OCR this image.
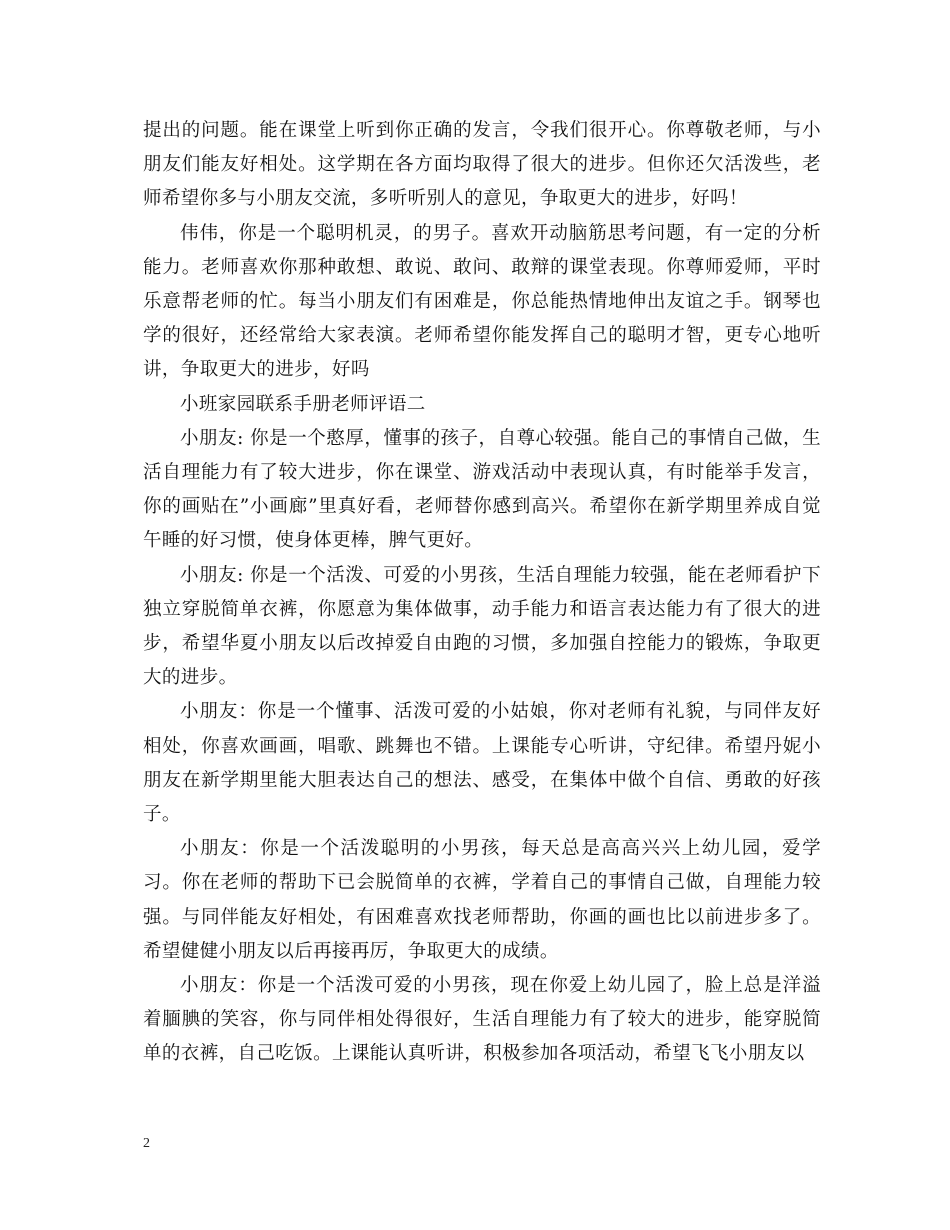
提出的问题。能在课堂上听到你正确的发言，令我们很开心。你尊敬老师，与小朋友们能友好相处。这学期在各方面均取得了很大的进步。但你还欠活泼些，老师希望你多与小朋友交流，多听听别人的意见，争取更大的进步，好吗！

伟伟，你是一个聪明机灵，的男子。喜欢开动脑筋思考问题，有一定的分析能力。老师喜欢你那种敢想、敢说、敢问、敢辩的课堂表现。你尊师爱师，平时乐意帮老师的忙。每当小朋友们有困难是，你总能热情地伸出友谊之手。钢琴也学的很好，还经常给大家表演。老师希望你能发挥自己的聪明才智，更专心地听讲，争取更大的进步，好吗

小班家园联系手册老师评语二

小朋友: 你是一个憨厚，懂事的孩子，自尊心较强。能自己的事情自己做，生活自理能力有了较大进步，你在课堂、游戏活动中表现认真，有时能举手发言，你的画贴在”小画廊”里真好看，老师替你感到高兴。希望你在新学期里养成自觉午睡的好习惯，使身体更棒，脾气更好。

小朋友: 你是一个活泼、可爱的小男孩，生活自理能力较强，能在老师看护下独立穿脱简单衣裤，你愿意为集体做事，动手能力和语言表达能力有了很大的进步，希望华夏小朋友以后改掉爱自由跑的习惯，多加强自控能力的锻炼，争取更大的进步。

小朋友：你是一个懂事、活泼可爱的小姑娘，你对老师有礼貌，与同伴友好相处，你喜欢画画，唱歌、跳舞也不错。上课能专心听讲，守纪律。希望丹妮小朋友在新学期里能大胆表达自己的想法、感受，在集体中做个自信、勇敢的好孩子。

小朋友：你是一个活泼聪明的小男孩，每天总是高高兴兴上幼儿园，爱学习。你在老师的帮助下已会脱简单的衣裤，学着自己的事情自己做，自理能力较强。与同伴能友好相处，有困难喜欢找老师帮助，你画的画也比以前进步多了。希望健健小朋友以后再接再厉，争取更大的成绩。

小朋友：你是一个活泼可爱的小男孩，现在你爱上幼儿园了，脸上总是洋溢着腼腆的笑容，你与同伴相处得很好，生活自理能力有了较大的进步，能穿脱简单的衣裤，自己吃饭。上课能认真听讲，积极参加各项活动，希望飞飞小朋友以

2
